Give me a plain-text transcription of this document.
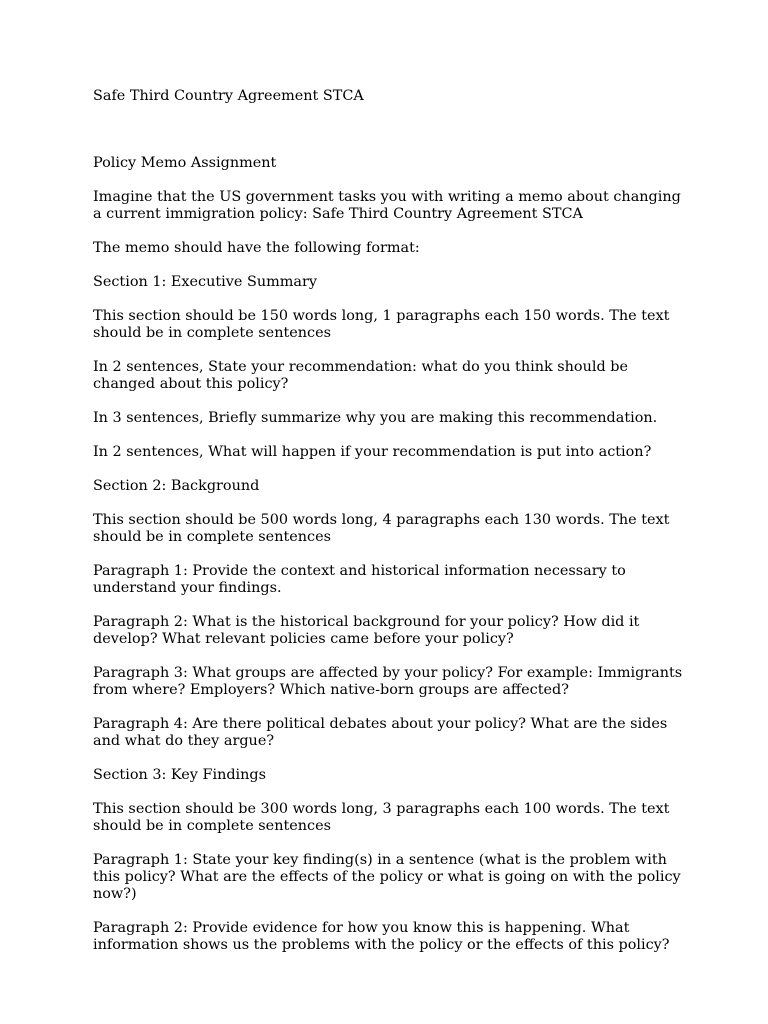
Safe Third Country Agreement STCA

Policy Memo Assignment

Imagine that the US government tasks you with writing a memo about changing a current immigration policy: Safe Third Country Agreement STCA

The memo should have the following format:

Section 1: Executive Summary

This section should be 150 words long, 1 paragraphs each 150 words. The text should be in complete sentences

In 2 sentences, State your recommendation: what do you think should be changed about this policy?

In 3 sentences, Briefly summarize why you are making this recommendation.

In 2 sentences, What will happen if your recommendation is put into action?

Section 2: Background

This section should be 500 words long, 4 paragraphs each 130 words. The text should be in complete sentences

Paragraph 1: Provide the context and historical information necessary to understand your findings.

Paragraph 2: What is the historical background for your policy? How did it develop? What relevant policies came before your policy?

Paragraph 3: What groups are affected by your policy? For example: Immigrants from where? Employers? Which native-born groups are affected?

Paragraph 4: Are there political debates about your policy? What are the sides and what do they argue?

Section 3: Key Findings

This section should be 300 words long, 3 paragraphs each 100 words. The text should be in complete sentences

Paragraph 1: State your key finding(s) in a sentence (what is the problem with this policy? What are the effects of the policy or what is going on with the policy now?)

Paragraph 2: Provide evidence for how you know this is happening. What information shows us the problems with the policy or the effects of this policy?
